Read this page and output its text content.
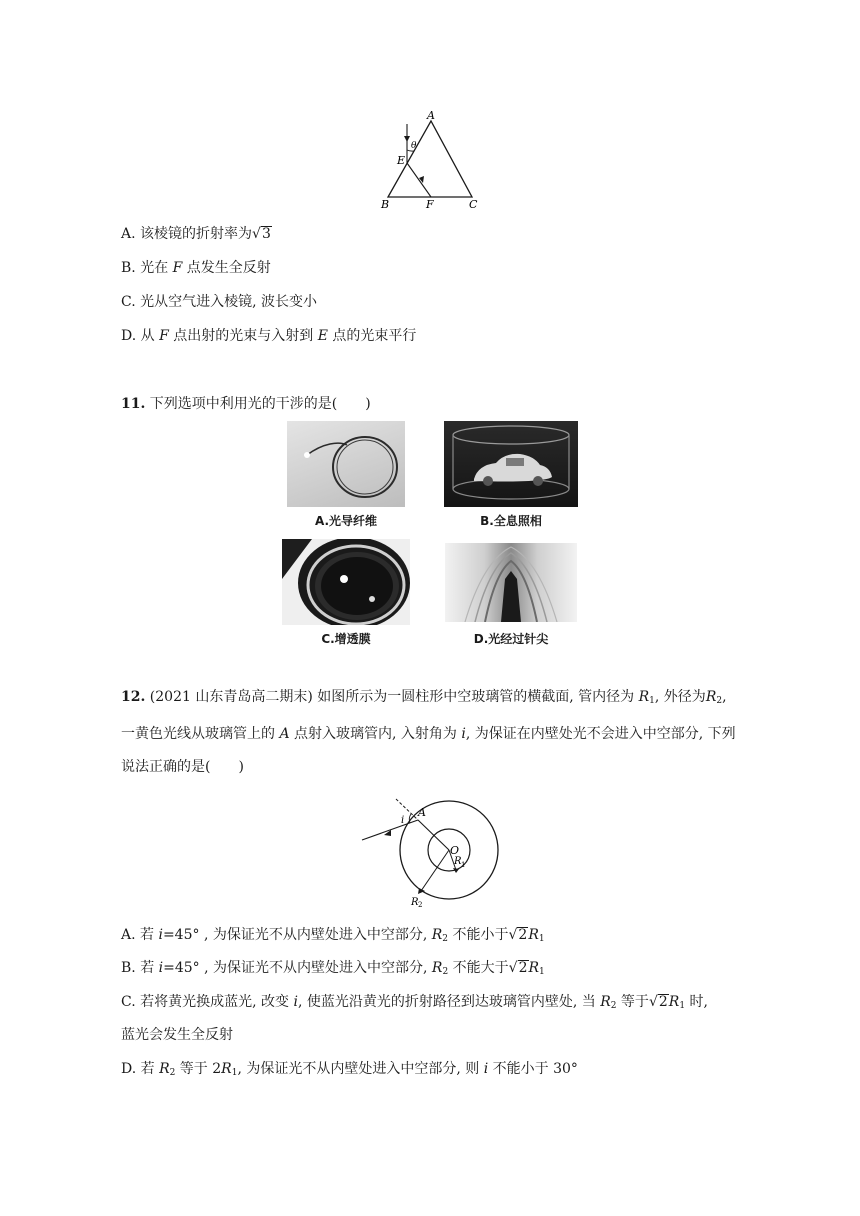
A
θ
E
B	F	C
A. 该棱镜的折射率为√3
B. 光在 F 点发生全反射
C. 光从空气进入棱镜, 波长变小
D. 从 F 点出射的光束与入射到 E 点的光束平行
11. 下列选项中利用光的干涉的是(　　)
A.光导纤维	B.全息照相
C.增透膜	D.光经过针尖
12. (2021 山东青岛高二期末) 如图所示为一圆柱形中空玻璃管的横截面, 管内径为 $R_1$, 外径为$R_2$, 一黄色光线从玻璃管上的 A 点射入玻璃管内, 入射角为 i, 为保证在内壁处光不会进入中空部分, 下列说法正确的是(　　)
A
i
O
R 1
R 2
A. 若 i=45° , 为保证光不从内壁处进入中空部分, $R_2$ 不能小于$√2R_1$
B. 若 i=45° , 为保证光不从内壁处进入中空部分, $R_2$ 不能大于$√2R_1$
C. 若将黄光换成蓝光, 改变 i, 使蓝光沿黄光的折射路径到达玻璃管内壁处, 当 $R_2$ 等于$√2R_1$ 时,
蓝光会发生全反射
D. 若 $R_2$ 等于 $2R_1$, 为保证光不从内壁处进入中空部分, 则 i 不能小于 30°
